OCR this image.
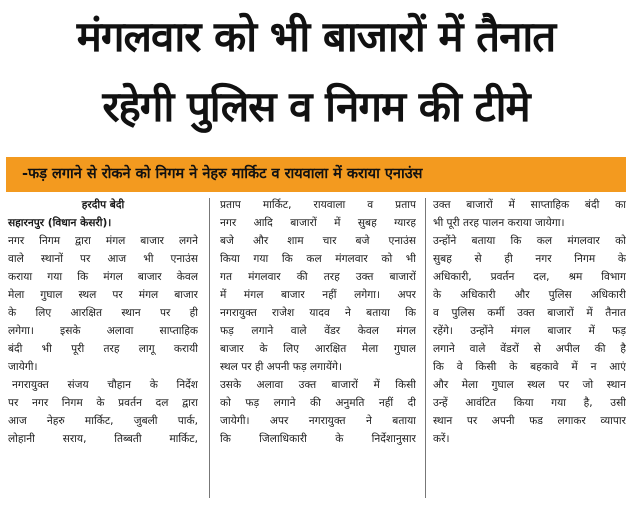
मंगलवार को भी बाजारों में तैनात
रहेगी पुलिस व निगम की टीमे
-फड़ लगाने से रोकने को निगम ने नेहरु मार्किट व रायवाला में कराया एनाउंस
हरदीप बेदी
सहारनपुर (विधान केसरी)।
नगर निगम द्वारा मंगल बाजार लगने
वाले स्थानों पर आज भी एनाउंस
कराया गया कि मंगल बाजार केवल
मेला गुघाल स्थल पर मंगल बाजार
के लिए आरक्षित स्थान पर ही
लगेगा। इसके अलावा साप्ताहिक
बंदी भी पूरी तरह लागू करायी
जायेगी।
नगरायुक्त संजय चौहान के निर्देश
पर नगर निगम के प्रवर्तन दल द्वारा
आज नेहरु मार्किट, जुबली पार्क,
लोहानी सराय, तिब्बती मार्किट,
प्रताप मार्किट, रायवाला व प्रताप
नगर आदि बाजारों में सुबह ग्यारह
बजे और शाम चार बजे एनाउंस
किया गया कि कल मंगलवार को भी
गत मंगलवार की तरह उक्त बाजारों
में मंगल बाजार नहीं लगेगा। अपर
नगरायुक्त राजेश यादव ने बताया कि
फड़ लगाने वाले वेंडर केवल मंगल
बाजार के लिए आरक्षित मेला गुघाल
स्थल पर ही अपनी फड़ लगायेंगे।
उसके अलावा उक्त बाजारों में किसी
को फड़ लगाने की अनुमति नहीं दी
जायेगी। अपर नगरायुक्त ने बताया
कि जिलाधिकारी के निर्देशानुसार
उक्त बाजारों में साप्ताहिक बंदी का
भी पूरी तरह पालन कराया जायेगा।
उन्होंने बताया कि कल मंगलवार को
सुबह से ही नगर निगम के
अधिकारी, प्रवर्तन दल, श्रम विभाग
के अधिकारी और पुलिस अधिकारी
व पुलिस कर्मी उक्त बाजारों में तैनात
रहेंगे। उन्होंने मंगल बाजार में फड़
लगाने वाले वेंडरों से अपील की है
कि वे किसी के बहकावे में न आएं
और मेला गुघाल स्थल पर जो स्थान
उन्हें आवंटित किया गया है, उसी
स्थान पर अपनी फड लगाकर व्यापार
करें।
